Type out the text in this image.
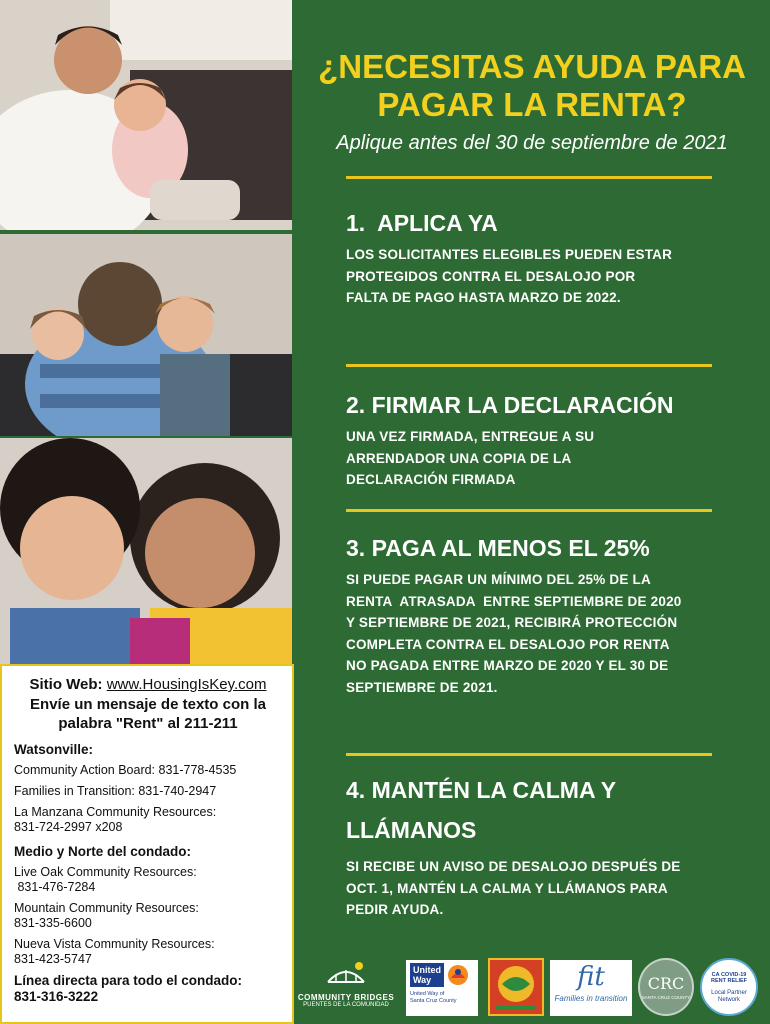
Sitio Web: www.HousingIsKey.com
Envíe un mensaje de texto con la
palabra "Rent" al 211-211
Watsonville:
Community Action Board: 831-778-4535
Families in Transition: 831-740-2947
La Manzana Community Resources:
831-724-2997 x208
Medio y Norte del condado:
Live Oak Community Resources:
831-476-7284
Mountain Community Resources:
831-335-6600
Nueva Vista Community Resources:
831-423-5747
Línea directa para todo el condado:
831-316-3222
¿NECESITAS AYUDA PARA
PAGAR LA RENTA?
Aplique antes del 30 de septiembre de 2021
1.  APLICA YA
LOS SOLICITANTES ELEGIBLES PUEDEN ESTAR PROTEGIDOS CONTRA EL DESALOJO POR FALTA DE PAGO HASTA MARZO DE 2022.
2. FIRMAR LA DECLARACIÓN
UNA VEZ FIRMADA, ENTREGUE A SU ARRENDADOR UNA COPIA DE LA DECLARACIÓN FIRMADA
3. PAGA AL MENOS EL 25%
SI PUEDE PAGAR UN MÍNIMO DEL 25% DE LA RENTA  ATRASADA  ENTRE SEPTIEMBRE DE 2020 Y SEPTIEMBRE DE 2021, RECIBIRÁ PROTECCIÓN COMPLETA CONTRA EL DESALOJO POR RENTA  NO PAGADA ENTRE MARZO DE 2020 Y EL 30 DE SEPTIEMBRE DE 2021.
4. MANTÉN LA CALMA Y LLÁMANOS
SI RECIBE UN AVISO DE DESALOJO DESPUÉS DE OCT. 1, MANTÉN LA CALMA Y LLÁMANOS PARA PEDIR AYUDA.
COMMUNITY BRIDGES
PUENTES DE LA COMUNIDAD
United
Way
United Way of
Santa Cruz County
fit
Families in transition
CRC
SANTA CRUZ COUNTY
CA COVID-19
RENT RELIEF
Local Partner
Network
